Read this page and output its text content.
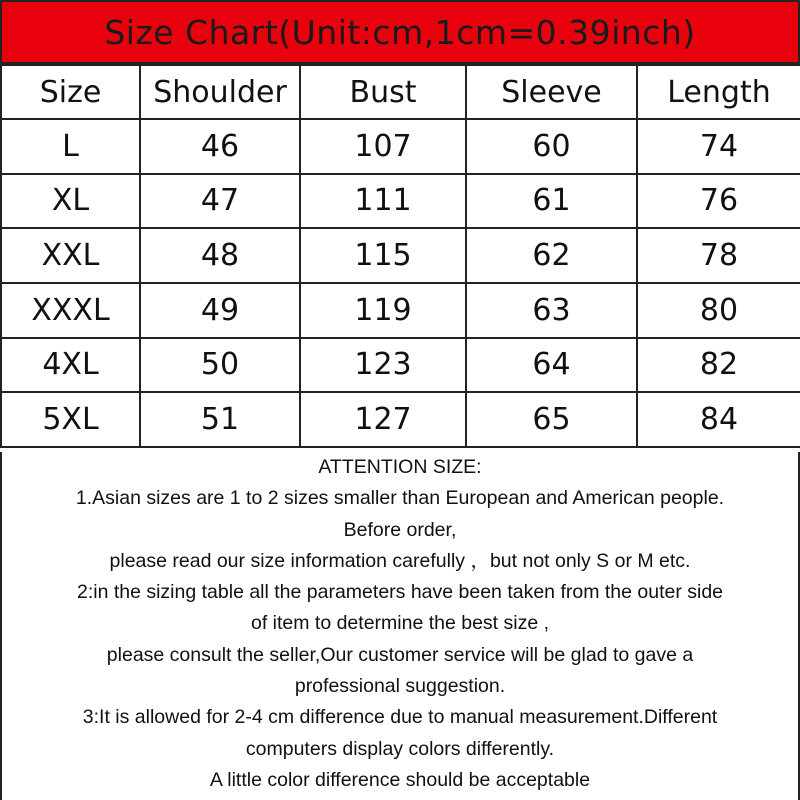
Size Chart(Unit:cm,1cm=0.39inch)
Size	Shoulder	Bust	Sleeve	Length
L	46	107	60	74
XL	47	111	61	76
XXL	48	115	62	78
XXXL	49	119	63	80
4XL	50	123	64	82
5XL	51	127	65	84
ATTENTION SIZE:
1.Asian sizes are 1 to 2 sizes smaller than European and American people.
Before order,
please read our size information carefully ，but not only S or M etc.
2:in the sizing table all the parameters have been taken from the outer side
of item to determine the best size ,
please consult the seller,Our customer service will be glad to gave a
professional suggestion.
3:It is allowed for 2-4 cm difference due to manual measurement.Different
computers display colors differently.
A little color difference should be acceptable
